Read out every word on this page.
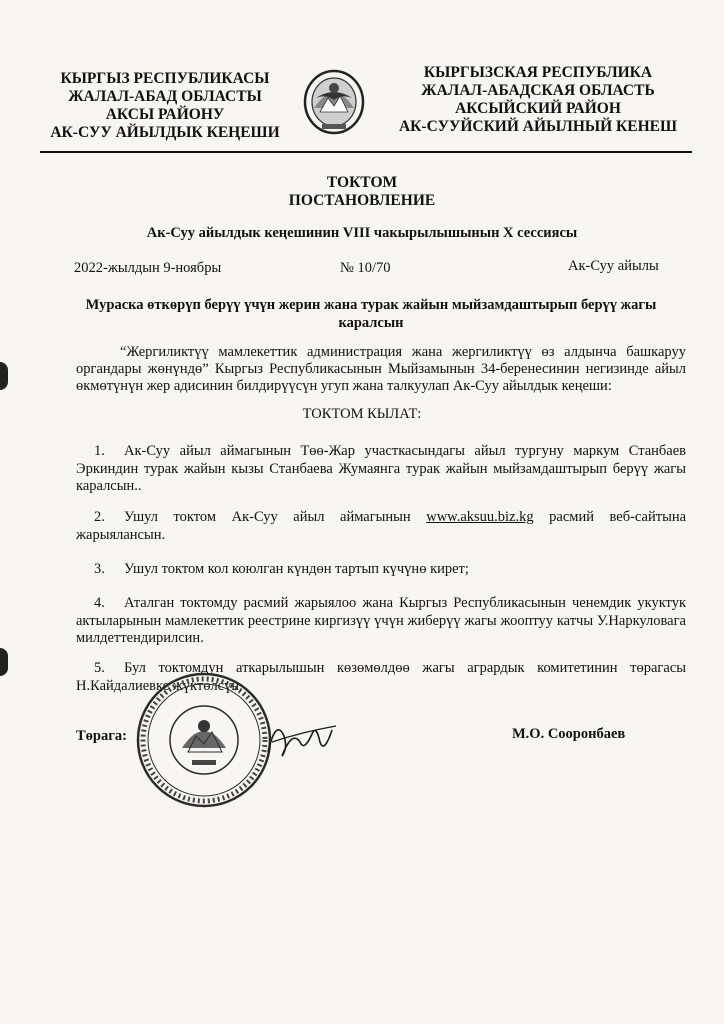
КЫРГЫЗ РЕСПУБЛИКАСЫ
ЖАЛАЛ-АБАД ОБЛАСТЫ
АКСЫ РАЙОНУ
АК-СУУ АЙЫЛДЫК КЕҢЕШИ
КЫРГЫЗСКАЯ РЕСПУБЛИКА
ЖАЛАЛ-АБАДСКАЯ ОБЛАСТЬ
АКСЫЙСКИЙ РАЙОН
АК-СУУЙСКИЙ АЙЫЛНЫЙ КЕНЕШ
ТОКТОМ
ПОСТАНОВЛЕНИЕ
Ак-Суу айылдык кеңешинин VIII чакырылышынын X сессиясы
2022-жылдын 9-ноябры	№ 10/70	Ак-Суу айылы
Мураска өткөрүп берүү үчүн жерин жана турак жайын мыйзамдаштырып берүү жагы каралсын
“Жергиликтүү мамлекеттик администрация жана жергиликтүү өз алдынча башкаруу органдары жөнүндө” Кыргыз Республикасынын Мыйзамынын 34-беренесинин негизинде айыл өкмөтүнүн жер адисинин билдирүүсүн угуп жана талкуулап Ак-Суу айылдык кеңеши:
ТОКТОМ КЫЛАТ:
1. Ак-Суу айыл аймагынын Төө-Жар участкасындагы айыл тургуну маркум Станбаев Эркиндин турак жайын кызы Станбаева Жумаянга турак жайын мыйзамдаштырып берүү жагы каралсын..
2. Ушул токтом Ак-Суу айыл аймагынын www.aksuu.biz.kg расмий веб-сайтына жарыялансын.
3. Ушул токтом кол коюлган күндөн тартып күчүнө кирет;
4. Аталган токтомду расмий жарыялоо жана Кыргыз Республикасынын ченемдик укуктук актыларынын мамлекеттик реестрине киргизүү үчүн жиберүү жагы жооптуу катчы У.Наркуловага милдеттендирилсин.
5. Бул токтомдун аткарылышын көзөмөлдөө жагы агрардык комитетинин төрагасы Н.Кайдалиевке жүктөлсүн.
Төрага:	М.О. Сооронбаев
